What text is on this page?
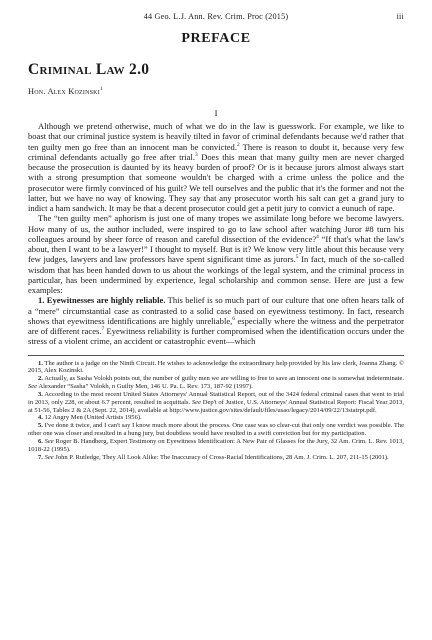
44 Geo. L.J. Ann. Rev. Crim. Proc (2015)	iii
PREFACE
Criminal Law 2.0
Hon. Alex Kozinski$^1$
I

Although we pretend otherwise, much of what we do in the law is guesswork. For example, we like to boast that our criminal justice system is heavily tilted in favor of criminal defendants because we'd rather that ten guilty men go free than an innocent man be convicted.$^2$ There is reason to doubt it, because very few criminal defendants actually go free after trial.$^3$ Does this mean that many guilty men are never charged because the prosecution is daunted by its heavy burden of proof? Or is it because jurors almost always start with a strong presumption that someone wouldn't be charged with a crime unless the police and the prosecutor were firmly convinced of his guilt? We tell ourselves and the public that it's the former and not the latter, but we have no way of knowing. They say that any prosecutor worth his salt can get a grand jury to indict a ham sandwich. It may be that a decent prosecutor could get a petit jury to convict a eunuch of rape.

The “ten guilty men” aphorism is just one of many tropes we assimilate long before we become lawyers. How many of us, the author included, were inspired to go to law school after watching Juror #8 turn his colleagues around by sheer force of reason and careful dissection of the evidence?$^4$ “If that's what the law's about, then I want to be a lawyer!” I thought to myself. But is it? We know very little about this because very few judges, lawyers and law professors have spent significant time as jurors.$^5$ In fact, much of the so-called wisdom that has been handed down to us about the workings of the legal system, and the criminal process in particular, has been undermined by experience, legal scholarship and common sense. Here are just a few examples:

1. Eyewitnesses are highly reliable. This belief is so much part of our culture that one often hears talk of a “mere” circumstantial case as contrasted to a solid case based on eyewitness testimony. In fact, research shows that eyewitness identifications are highly unreliable,$^6$ especially where the witness and the perpetrator are of different races.$^7$ Eyewitness reliability is further compromised when the identification occurs under the stress of a violent crime, an accident or catastrophic event—which

1. The author is a judge on the Ninth Circuit. He wishes to acknowledge the extraordinary help provided by his law clerk, Joanna Zhang. © 2015, Alex Kozinski.

2. Actually, as Sasha Volokh points out, the number of guilty men we are willing to free to save an innocent one is somewhat indeterminate. See Alexander “Sasha” Volokh, n Guilty Men, 146 U. Pa. L. Rev. 173, 187-92 (1997).

3. According to the most recent United States Attorneys' Annual Statistical Report, out of the 3424 federal criminal cases that went to trial in 2013, only 228, or about 6.7 percent, resulted in acquittals. See Dep't of Justice, U.S. Attorneys' Annual Statistical Report: Fiscal Year 2013, at 51-56, Tables 2 & 2A (Sept. 22, 2014), available at http://www.justice.gov/sites/default/files/usao/legacy/2014/09/22/13statrpt.pdf.

4. 12 Angry Men (United Artists 1956).

5. I've done it twice, and I can't say I know much more about the process. One case was so clear-cut that only one verdict was possible. The other one was closer and resulted in a hung jury, but doubtless would have resulted in a swift conviction but for my participation.

6. See Roger B. Handberg, Expert Testimony on Eyewitness Identification: A New Pair of Glasses for the Jury, 32 Am. Crim. L. Rev. 1013, 1018-22 (1995).

7. See John P. Rutledge, They All Look Alike: The Inaccuracy of Cross-Racial Identifications, 28 Am. J. Crim. L. 207, 211-15 (2001).
